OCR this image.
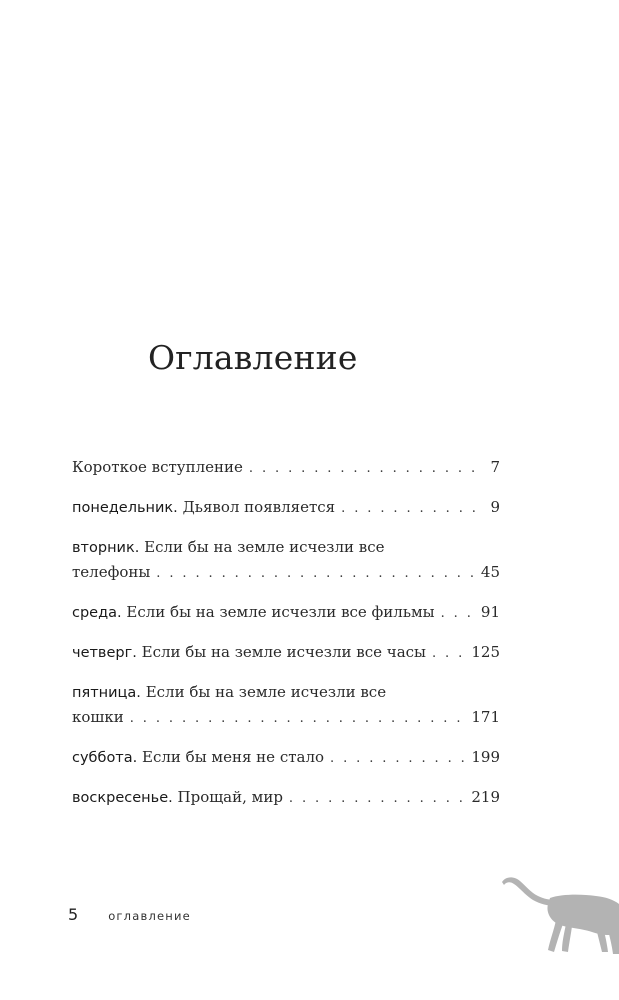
Оглавление
Короткое вступление . . .	7
понедельник.
Дьявол появляется . . .	9
вторник.
Если бы на земле исчезли все
телефоны . . .	45
среда.
Если бы на земле исчезли все фильмы . . .	91
четверг.
Если бы на земле исчезли все часы . . .	125
пятница.
Если бы на земле исчезли все
кошки . . .	171
суббота.
Если бы меня не стало . . .	199
воскресенье.
Прощай, мир . . .	219
5	оглавление
